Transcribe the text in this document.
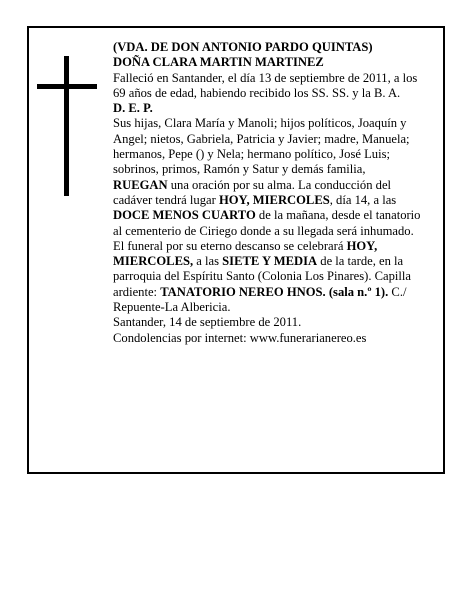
(VDA. DE DON ANTONIO PARDO QUINTAS)

DOÑA CLARA MARTIN MARTINEZ

Falleció en Santander, el día 13 de septiembre de 2011, a los 69 años de edad, habiendo recibido los SS. SS. y la B. A.

D. E. P.

Sus hijas, Clara María y Manoli; hijos políticos, Joaquín y Angel; nietos, Gabriela, Patricia y Javier; madre, Manuela; hermanos, Pepe () y Nela; hermano político, José Luis; sobrinos, primos, Ramón y Satur y demás familia,

RUEGAN una oración por su alma. La conducción del cadáver tendrá lugar HOY, MIERCOLES, día 14, a las DOCE MENOS CUARTO de la mañana, desde el tanatorio al cementerio de Ciriego donde a su llegada será inhumado. El funeral por su eterno descanso se celebrará HOY, MIERCOLES, a las SIETE Y MEDIA de la tarde, en la parroquia del Espíritu Santo (Colonia Los Pinares). Capilla ardiente: TANATORIO NEREO HNOS. (sala n.º 1). C./ Repuente-La Albericia.

Santander, 14 de septiembre de 2011.

Condolencias por internet: www.funerarianereo.es
